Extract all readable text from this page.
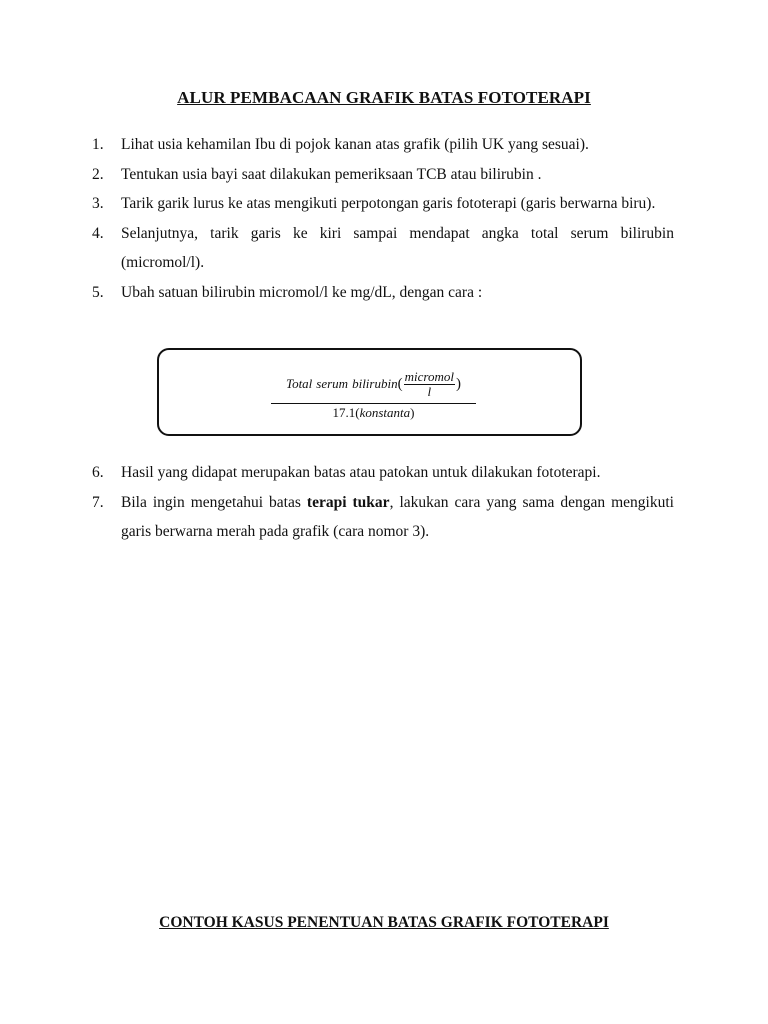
ALUR PEMBACAAN GRAFIK BATAS FOTOTERAPI
1. Lihat usia kehamilan Ibu di pojok kanan atas grafik (pilih UK yang sesuai).
2. Tentukan usia bayi saat dilakukan pemeriksaan TCB atau bilirubin .
3. Tarik garik lurus ke atas mengikuti perpotongan garis fototerapi (garis berwarna biru).
4. Selanjutnya, tarik garis ke kiri sampai mendapat angka total serum bilirubin (micromol/l).
5. Ubah satuan bilirubin micromol/l ke mg/dL, dengan cara :
Total serum bilirubin ( $\frac{\text{micromol}}{l}$ )
17.1(konstanta)
6. Hasil yang didapat merupakan batas atau patokan untuk dilakukan fototerapi.
7. Bila ingin mengetahui batas terapi tukar, lakukan cara yang sama dengan mengikuti garis berwarna merah pada grafik (cara nomor 3).
CONTOH KASUS PENENTUAN BATAS GRAFIK FOTOTERAPI
